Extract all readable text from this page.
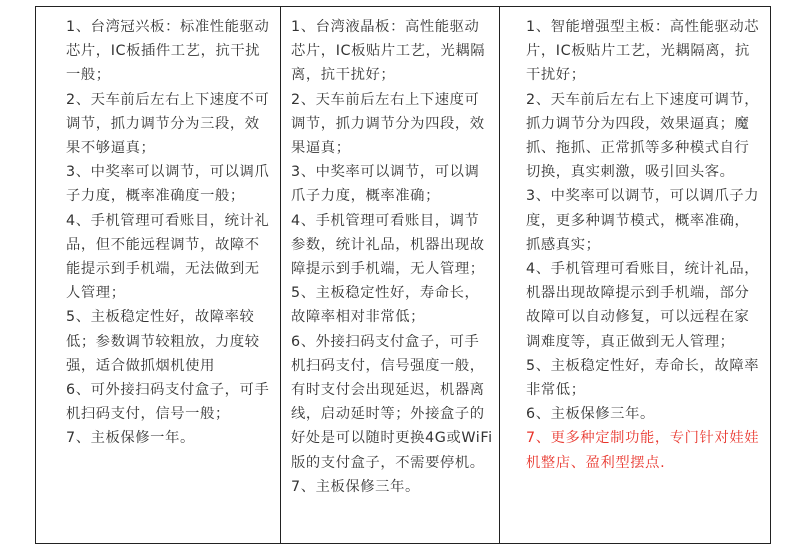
1、台湾冠兴板：标准性能驱动芯片，IC板插件工艺，抗干扰一般；

2、天车前后左右上下速度不可调节，抓力调节分为三段，效果不够逼真；

3、中奖率可以调节，可以调爪子力度，概率准确度一般；

4、手机管理可看账目，统计礼品，但不能远程调节，故障不能提示到手机端，无法做到无人管理；

5、主板稳定性好，故障率较低；参数调节较粗放，力度较强，适合做抓烟机使用

6、可外接扫码支付盒子，可手机扫码支付，信号一般；

7、主板保修一年。

1、台湾液晶板：高性能驱动芯片，IC板贴片工艺，光耦隔离，抗干扰好；

2、天车前后左右上下速度可调节，抓力调节分为四段，效果逼真；

3、中奖率可以调节，可以调爪子力度，概率准确；

4、手机管理可看账目，调节参数，统计礼品，机器出现故障提示到手机端，无人管理；

5、主板稳定性好，寿命长，故障率相对非常低；

6、外接扫码支付盒子，可手机扫码支付，信号强度一般，有时支付会出现延迟，机器离线，启动延时等；外接盒子的好处是可以随时更换4G或WiFi版的支付盒子，不需要停机。

7、主板保修三年。

1、智能增强型主板：高性能驱动芯片，IC板贴片工艺，光耦隔离，抗干扰好；

2、天车前后左右上下速度可调节，抓力调节分为四段，效果逼真；魔抓、拖抓、正常抓等多种模式自行切换，真实刺激，吸引回头客。

3、中奖率可以调节，可以调爪子力度，更多种调节模式，概率准确，抓感真实；

4、手机管理可看账目，统计礼品，机器出现故障提示到手机端，部分故障可以自动修复，可以远程在家调难度等，真正做到无人管理；

5、主板稳定性好，寿命长，故障率非常低；

6、主板保修三年。

7、更多种定制功能，专门针对娃娃机整店、盈利型摆点.
